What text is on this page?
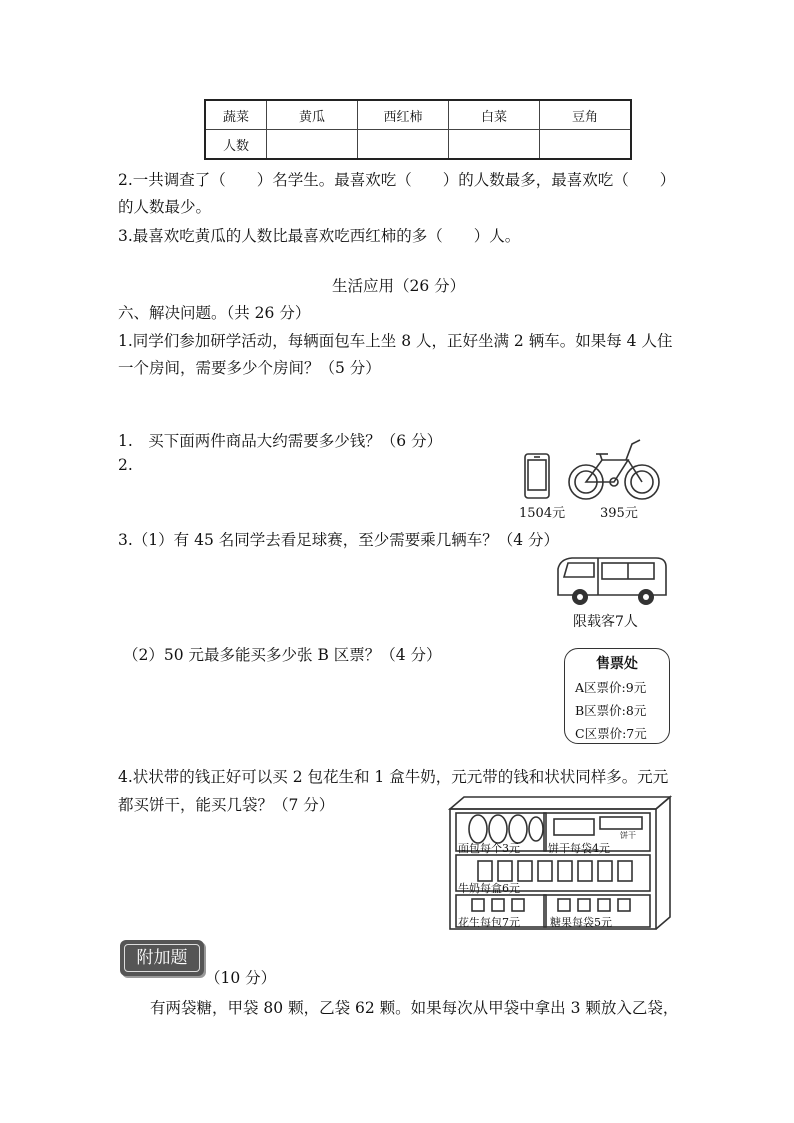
蔬菜	黄瓜	西红柿	白菜	豆角
人数				
2.一共调查了（　　）名学生。最喜欢吃（　　）的人数最多，最喜欢吃（　　）
的人数最少。
3.最喜欢吃黄瓜的人数比最喜欢吃西红柿的多（　　）人。
生活应用（26 分）
六、解决问题。（共 26 分）
1.同学们参加研学活动，每辆面包车上坐 8 人，正好坐满 2 辆车。如果每 4 人住
一个房间，需要多少个房间？（5 分）
1.　买下面两件商品大约需要多少钱？（6 分）
2.
1504元	395元
3.（1）有 45 名同学去看足球赛，至少需要乘几辆车？（4 分）
限载客7人
（2）50 元最多能买多少张 B 区票？（4 分）	售票处
A区票价:9元
B区票价:8元
C区票价:7元
4.状状带的钱正好可以买 2 包花生和 1 盒牛奶，元元带的钱和状状同样多。元元
都买饼干，能买几袋？（7 分）
饼干
面包每个3元	饼干每袋4元
牛奶每盒6元
花生每包7元	糖果每袋5元
附加题
（10 分）
有两袋糖，甲袋 80 颗，乙袋 62 颗。如果每次从甲袋中拿出 3 颗放入乙袋，
